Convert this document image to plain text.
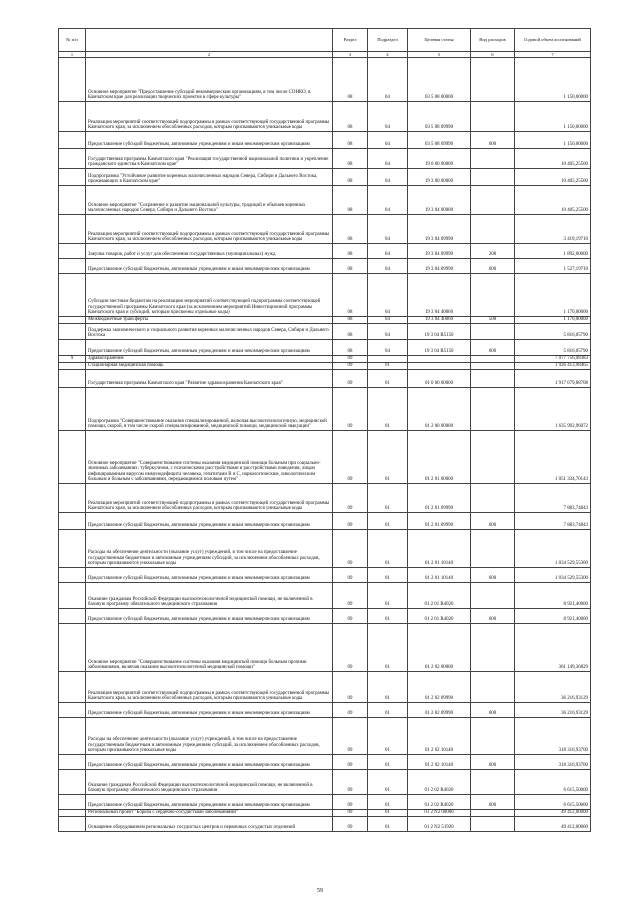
№ п/п		Раздел	Подраздел	Целевая статья	Вид расходов	Годовой объем ассигнований
1	2	3	4	5	6	7
	Основное мероприятие "Предоставление субсидий некоммерческим организациям, в том числе СОНКО, в Камчатском крае для реализации творческих проектов в сфере культуры"	08	04	03 5 08 00000		1 150,00000
	Реализация мероприятий соответствующей подпрограммы в рамках соответствующей государственной программы Камчатского края, за исключением обособленных расходов, которым присваиваются уникальные коды	08	04	03 5 08 09990		1 150,00000
	Предоставление субсидий бюджетным, автономным учреждениям и иным некоммерческим организациям	08	04	03 5 08 09990	600	1 150,00000
	Государственная программа Камчатского края "Реализация государственной национальной политики и укрепление гражданского единства в Камчатском крае"	08	04	19 0 00 00000		10 405,25500
	Подпрограмма "Устойчивое развитие коренных малочисленных народов Севера, Сибири и Дальнего Востока, проживающих в Камчатском крае"	08	04	19 3 00 00000		10 405,25500
	Основное мероприятие "Сохранение и развитие национальной культуры, традиций и обычаев коренных малочисленных народов Севера, Сибири и Дальнего Востока"	08	04	19 3 04 00000		10 405,25500
	Реализация мероприятий соответствующей подпрограммы в рамках соответствующей государственной программы Камчатского края, за исключением обособленных расходов, которым присваиваются уникальные коды	08	04	19 3 04 09990		3 419,19710
	Закупка товаров, работ и услуг для обеспечения государственных (муниципальных) нужд	08	04	19 3 04 09990	200	1 892,00000
	Предоставление субсидий бюджетным, автономным учреждениям и иным некоммерческим организациям	08	04	19 3 04 09990	600	1 527,19710
	Субсидии местным бюджетам на реализацию мероприятий соответствующей подпрограммы соответствующей государственной программы Камчатского края (за исключением мероприятий Инвестиционной программы Камчатского края и субсидий, которым присвоены отдельные коды)	08	04	19 3 04 40060		1 170,00000
	Межбюджетные трансферты	08	04	19 3 04 40060	500	1 170,00000
	Поддержка экономического и социального развития коренных малочисленных народов Севера, Сибири и Дальнего Востока	08	04	19 3 04 R5150		5 816,05790
	Предоставление субсидий бюджетным, автономным учреждениям и иным некоммерческим организациям	08	04	19 3 04 R5150	600	5 816,05790
9	Здравоохранение	09				7 077 756,98383
	Стационарная медицинская помощь	09	01			1 926 413,98465
	Государственная программа Камчатского края "Развитие здравоохранения Камчатского края"	09	01	01 0 00 00000		1 917 679,88708
	Подпрограмма "Совершенствование оказания специализированной, включая высокотехнологичную, медицинской помощи, скорой, в том числе скорой специализированной, медицинской помощи, медицинской эвакуации"	09	01	01 2 00 00000		1 635 992,96072
	Основное мероприятие "Совершенствование системы оказания медицинской помощи больным при социально-значимых заболеваниях: туберкулезом, с психическими расстройствами и расстройствами поведения, лицам инфицированным вирусом иммунодефицита человека, гепатитами В и С, наркологическим, онкологическим больным и больным с заболеваниями, передающимися половым путем"	09	01	01 2 01 00000		1 051 334,70143
	Реализация мероприятий соответствующей подпрограммы в рамках соответствующей государственной программы Камчатского края, за исключением обособленных расходов, которым присваиваются уникальные коды	09	01	01 2 01 09990		7 883,74843
	Предоставление субсидий бюджетным, автономным учреждениям и иным некоммерческим организациям	09	01	01 2 01 09990	600	7 883,74843
	Расходы на обеспечение деятельности (оказание услуг) учреждений, в том числе на предоставление государственным бюджетным и автономным учреждениям субсидий, за исключением обособленных расходов, которым присваиваются уникальные коды	09	01	01 2 01 10140		1 034 529,55300
	Предоставление субсидий бюджетным, автономным учреждениям и иным некоммерческим организациям	09	01	01 2 01 10140	600	1 034 529,55300
	Оказание гражданам Российской Федерации высокотехнологичной медицинской помощи, не включенной в базовую программу обязательного медицинского страхования	09	01	01 2 01 R4020		8 921,40000
	Предоставление субсидий бюджетным, автономным учреждениям и иным некоммерческим организациям	09	01	01 2 01 R4020	600	8 921,40000
	Основное мероприятие "Совершенствование системы оказания медицинской помощи больным прочими заболеваниями, включая оказание высокотехнологичной медицинской помощи"	09	01	01 2 02 00000		361 149,36829
	Реализация мероприятий соответствующей подпрограммы в рамках соответствующей государственной программы Камчатского края, за исключением обособленных расходов, которым присваиваются уникальные коды	09	01	01 2 02 09990		36 216,93129
	Предоставление субсидий бюджетным, автономным учреждениям и иным некоммерческим организациям	09	01	01 2 02 09990	600	36 216,93129
	Расходы на обеспечение деятельности (оказание услуг) учреждений, в том числе на предоставление государственным бюджетным и автономным учреждениям субсидий, за исключением обособленных расходов, которым присваиваются уникальные коды	09	01	01 2 02 10140		318 316,93700
	Предоставление субсидий бюджетным, автономным учреждениям и иным некоммерческим организациям	09	01	01 2 02 10140	600	318 316,93700
	Оказание гражданам Российской Федерации высокотехнологичной медицинской помощи, не включенной в базовую программу обязательного медицинского страхования	09	01	01 2 02 R4020		6 615,50000
	Предоставление субсидий бюджетным, автономным учреждениям и иным некоммерческим организациям	09	01	01 2 02 R4020	600	6 615,50000
	Региональный проект "Борьба с сердечно-сосудистыми заболеваниями"	09	01	01 2 N2 00000		49 412,00000
	Оснащение оборудованием региональных сосудистых центров и первичных сосудистых отделений	09	01	01 2 N2 51920		49 412,00000
59
